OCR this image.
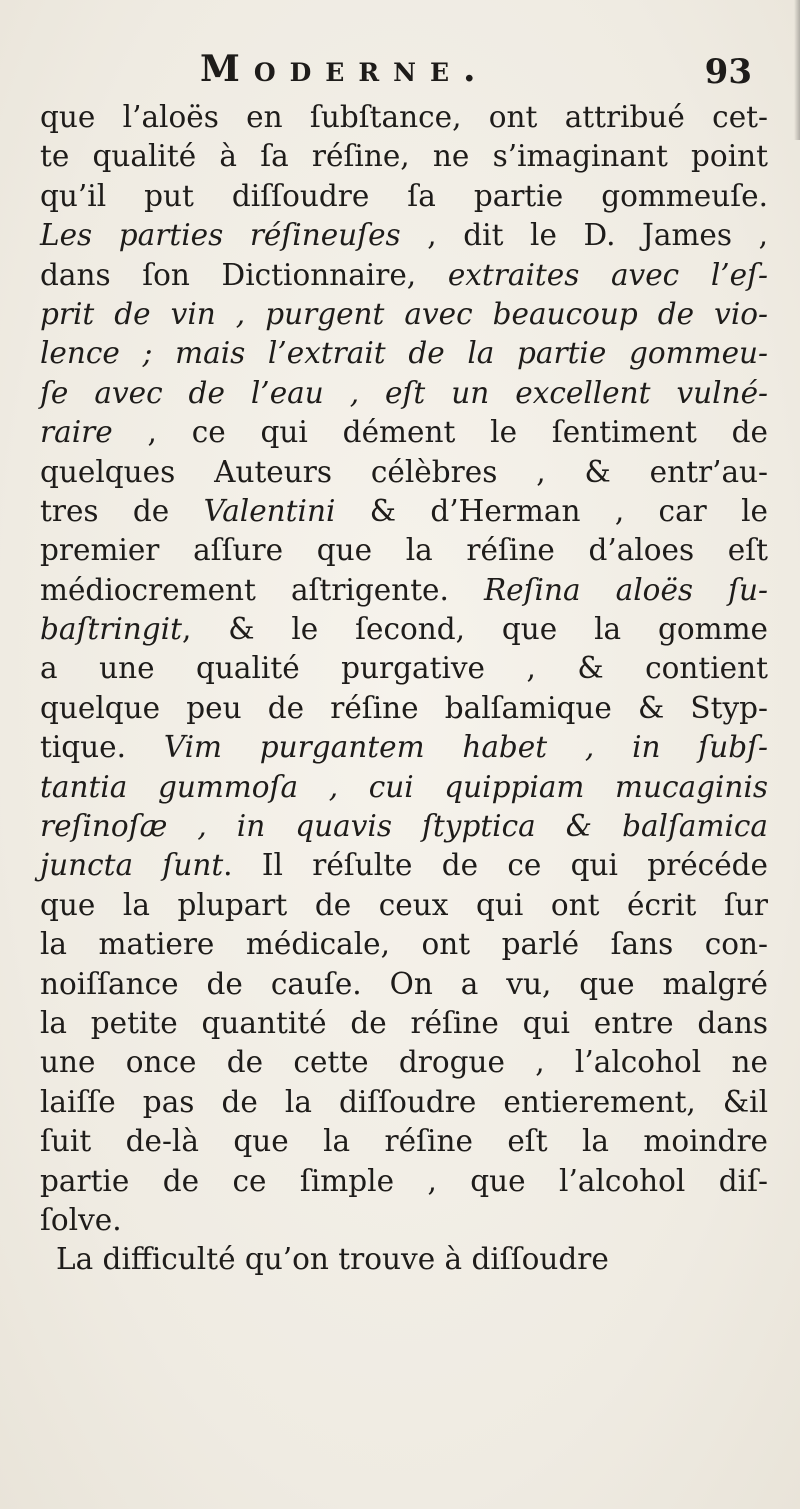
Moderne.	93
que l’aloës en ſubſtance, ont attribué cet-
te qualité à ſa réſine, ne s’imaginant point
qu’il put diſſoudre ſa partie gommeuſe.
Les parties réſineuſes , dit le D. James ,
dans ſon Dictionnaire, extraites avec l’eſ-
prit de vin , purgent avec beaucoup de vio-
lence ; mais l’extrait de la partie gommeu-
ſe avec de l’eau , eſt un excellent vulné-
raire , ce qui dément le ſentiment de
quelques Auteurs célèbres , & entr’au-
tres de Valentini & d’Herman , car le
premier aſſure que la réſine d’aloes eſt
médiocrement aſtrigente. Reſina aloës ſu-
baſtringit, & le ſecond, que la gomme
a une qualité purgative , & contient
quelque peu de réſine balſamique & Styp-
tique. Vim purgantem habet , in ſubſ-
tantia gummoſa , cui quippiam mucaginis
reſinoſæ , in quavis ſtyptica & balſamica
juncta ſunt. Il réſulte de ce qui précéde
que la plupart de ceux qui ont écrit ſur
la matiere médicale, ont parlé ſans con-
noiſſance de cauſe. On a vu, que malgré
la petite quantité de réſine qui entre dans
une once de cette drogue , l’alcohol ne
laiſſe pas de la diſſoudre entierement, &il
ſuit de-là que la réſine eſt la moindre
partie de ce ſimple , que l’alcohol diſ-
ſolve.
La difficulté qu’on trouve à diſſoudre
